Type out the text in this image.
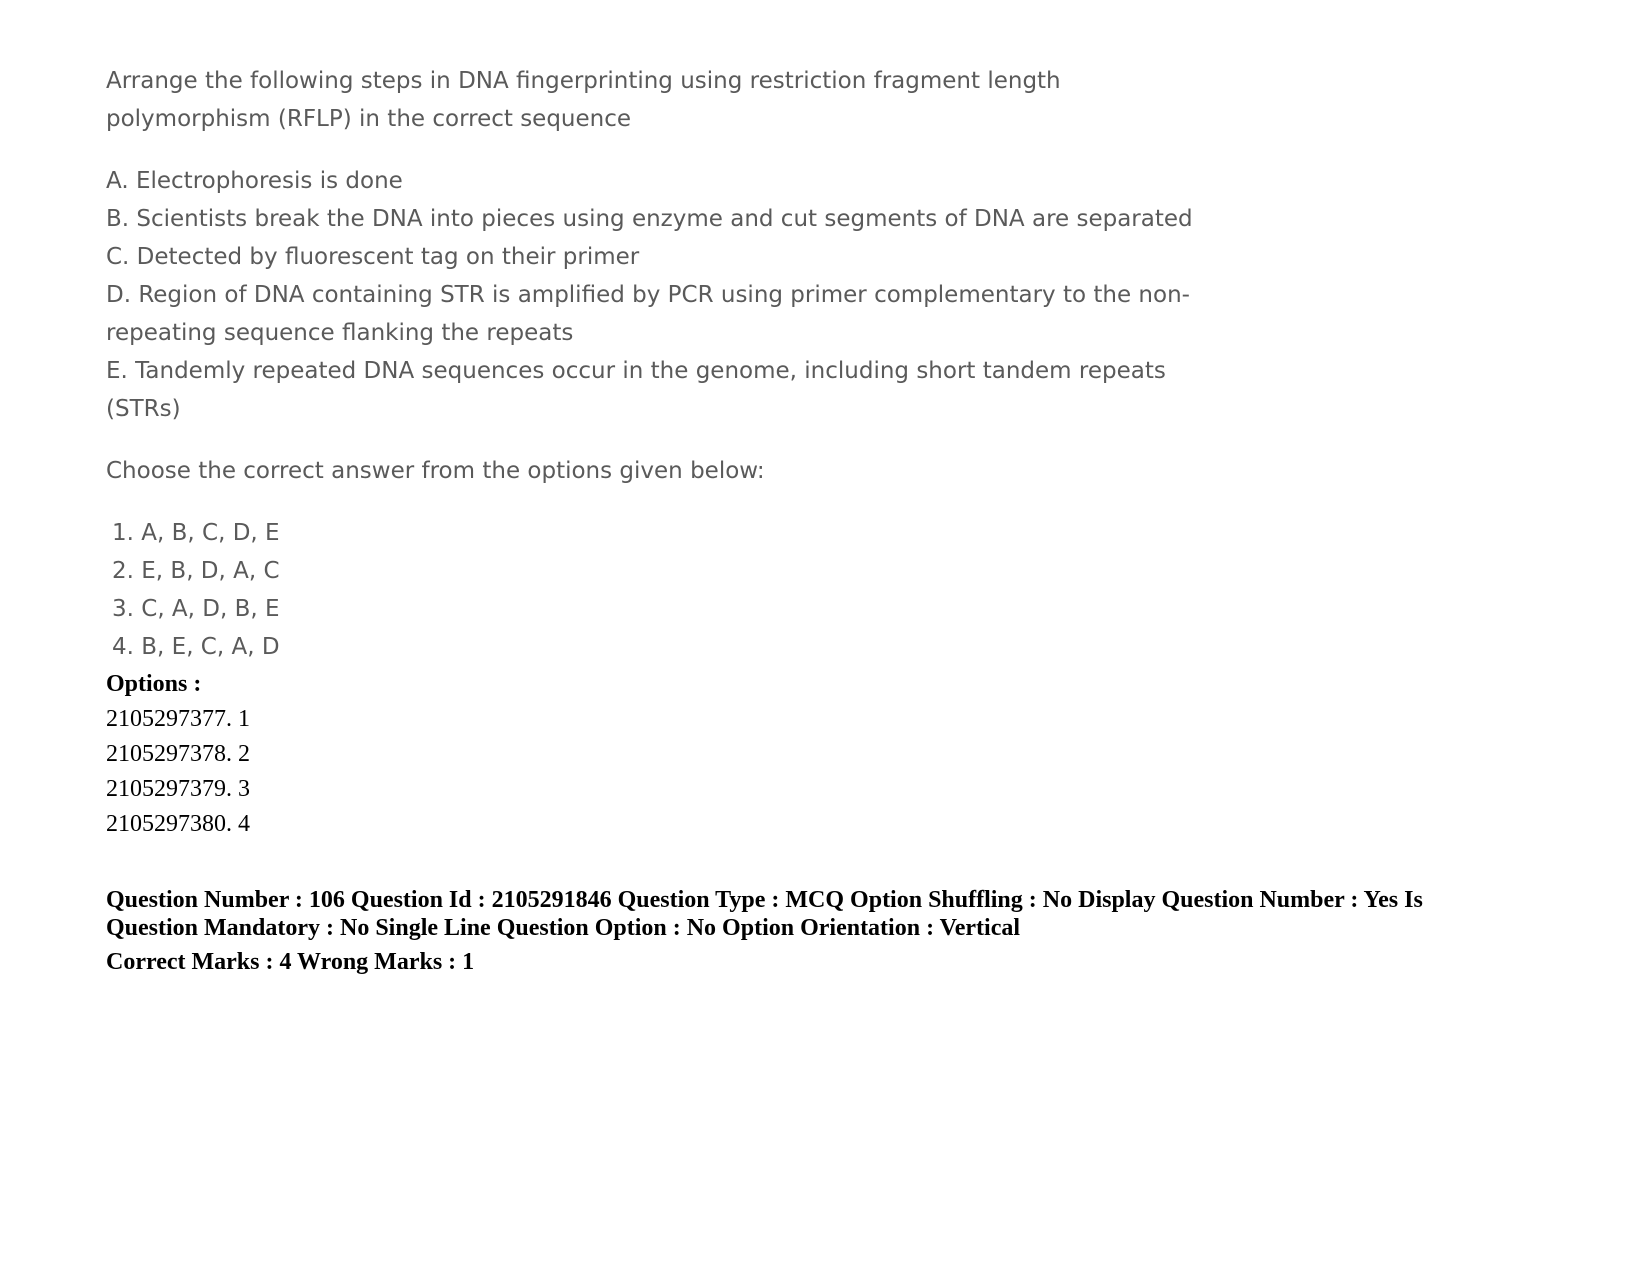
Arrange the following steps in DNA fingerprinting using restriction fragment length
polymorphism (RFLP) in the correct sequence
A. Electrophoresis is done
B. Scientists break the DNA into pieces using enzyme and cut segments of DNA are separated
C. Detected by fluorescent tag on their primer
D. Region of DNA containing STR is amplified by PCR using primer complementary to the non-
repeating sequence flanking the repeats
E. Tandemly repeated DNA sequences occur in the genome, including short tandem repeats
(STRs)
Choose the correct answer from the options given below:
1. A, B, C, D, E
2. E, B, D, A, C
3. C, A, D, B, E
4. B, E, C, A, D
Options :
2105297377. 1
2105297378. 2
2105297379. 3
2105297380. 4
Question Number : 106 Question Id : 2105291846 Question Type : MCQ Option Shuffling : No Display Question Number : Yes Is
Question Mandatory : No Single Line Question Option : No Option Orientation : Vertical
Correct Marks : 4 Wrong Marks : 1
